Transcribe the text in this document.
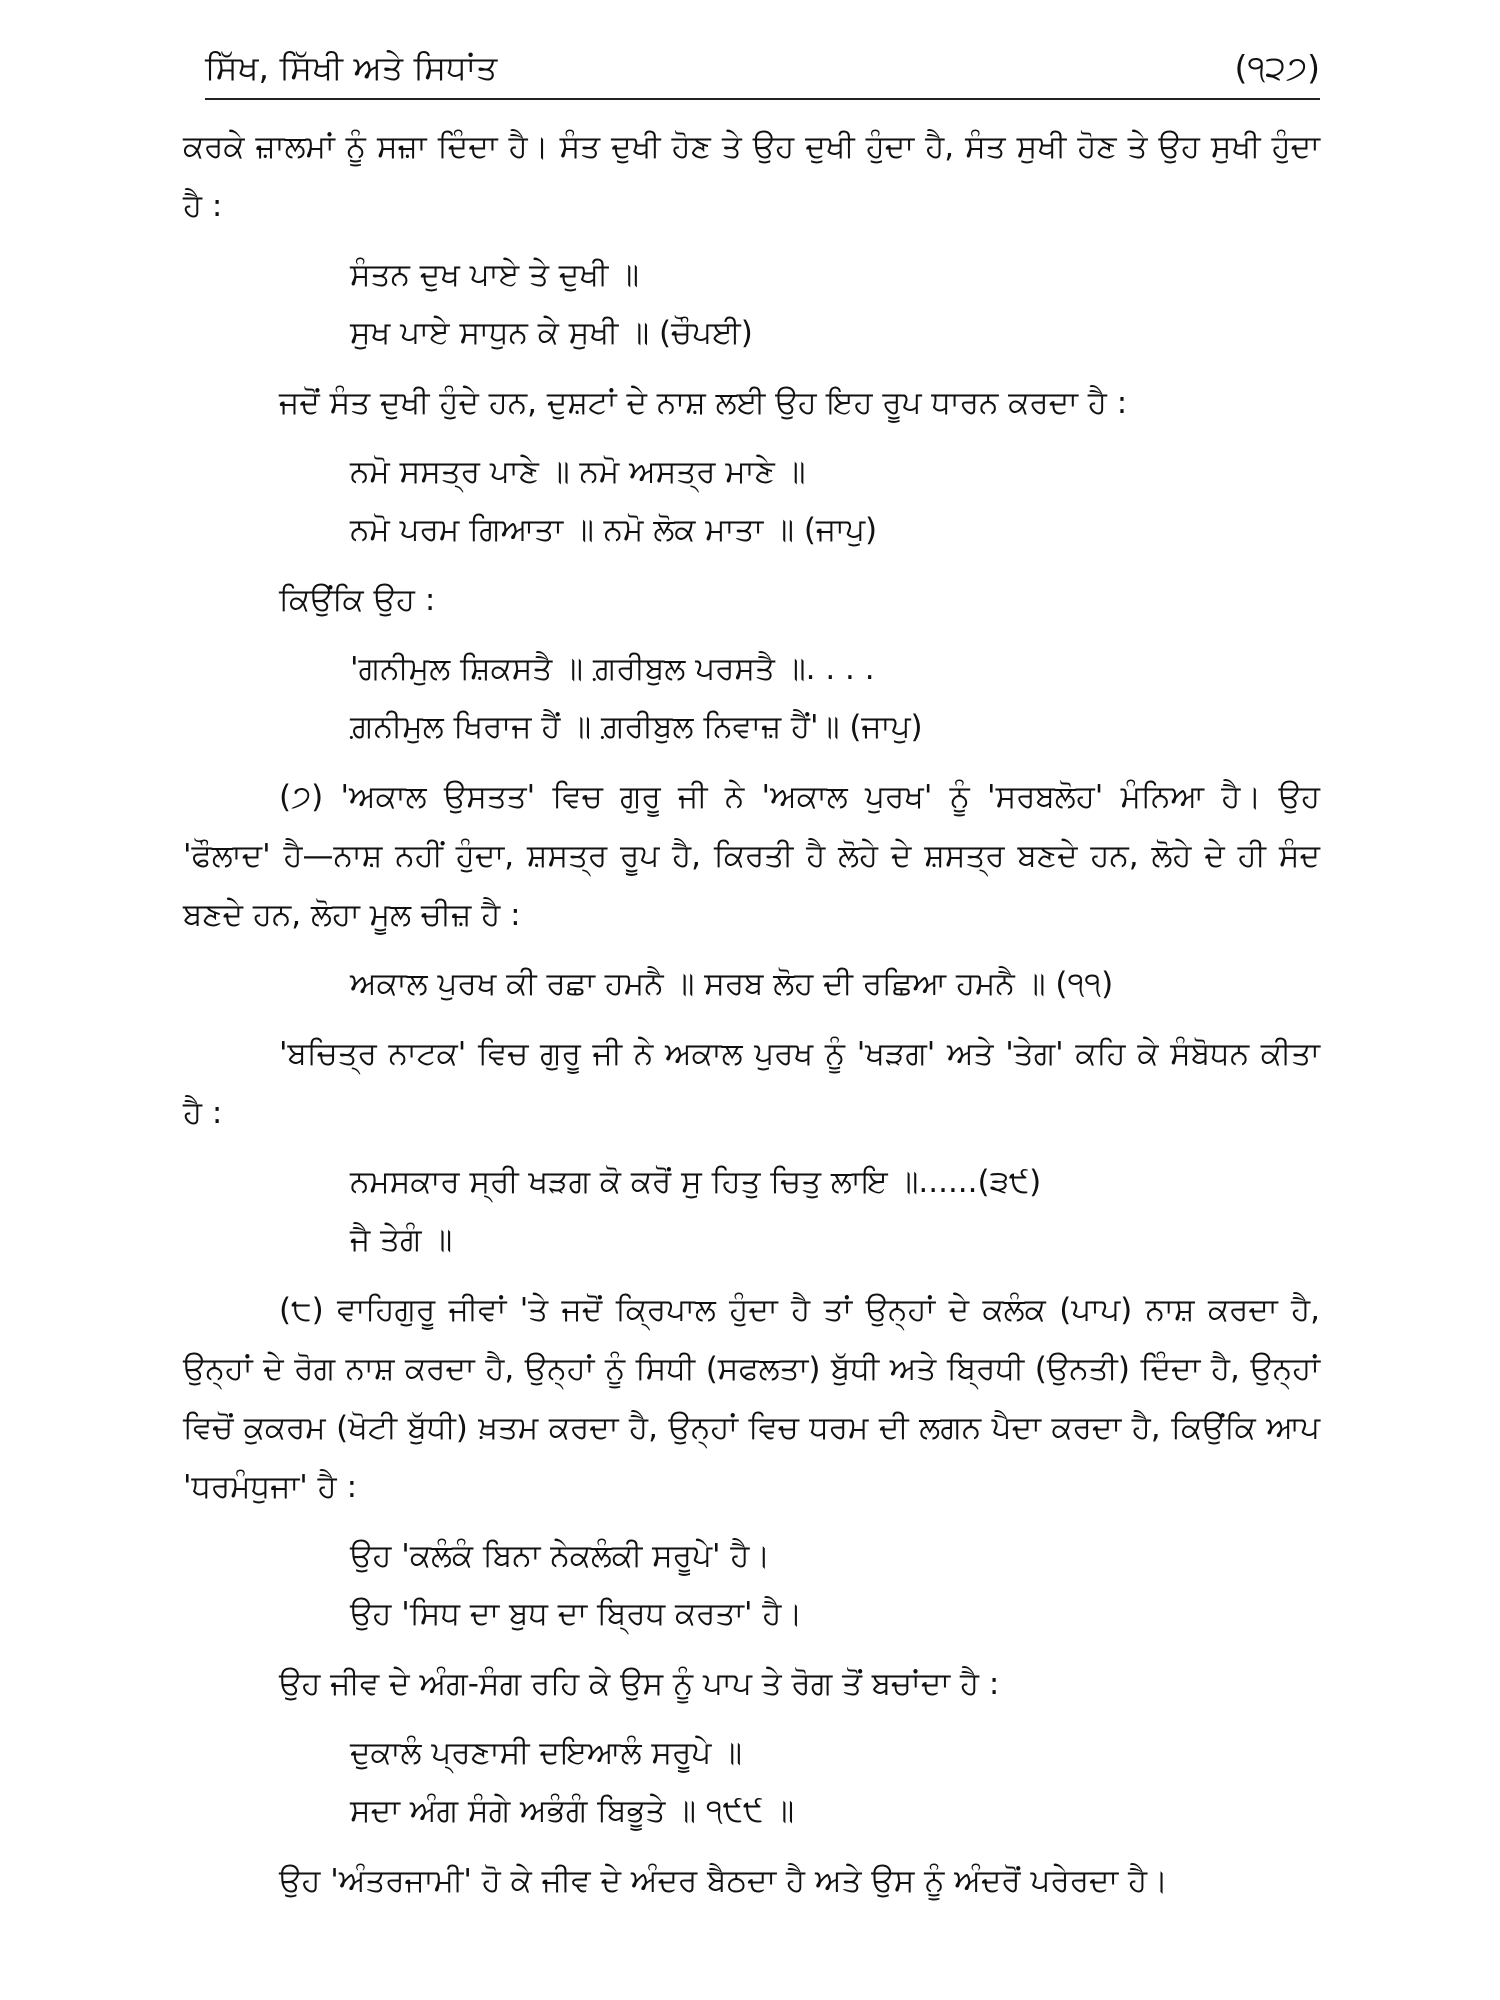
ਸਿੱਖ, ਸਿੱਖੀ ਅਤੇ ਸਿਧਾਂਤ	(੧੨੭)

ਕਰਕੇ ਜ਼ਾਲਮਾਂ ਨੂੰ ਸਜ਼ਾ ਦਿੰਦਾ ਹੈ। ਸੰਤ ਦੁਖੀ ਹੋਣ ਤੇ ਉਹ ਦੁਖੀ ਹੁੰਦਾ ਹੈ, ਸੰਤ ਸੁਖੀ ਹੋਣ ਤੇ ਉਹ ਸੁਖੀ ਹੁੰਦਾ ਹੈ :

ਸੰਤਨ ਦੁਖ ਪਾਏ ਤੇ ਦੁਖੀ ॥
ਸੁਖ ਪਾਏ ਸਾਧੁਨ ਕੇ ਸੁਖੀ ॥ (ਚੌਪਈ)

ਜਦੋਂ ਸੰਤ ਦੁਖੀ ਹੁੰਦੇ ਹਨ, ਦੁਸ਼ਟਾਂ ਦੇ ਨਾਸ਼ ਲਈ ਉਹ ਇਹ ਰੂਪ ਧਾਰਨ ਕਰਦਾ ਹੈ :

ਨਮੋ ਸਸਤ੍ਰ ਪਾਣੇ ॥ ਨਮੋ ਅਸਤ੍ਰ ਮਾਣੇ ॥
ਨਮੋ ਪਰਮ ਗਿਆਤਾ ॥ ਨਮੋ ਲੋਕ ਮਾਤਾ ॥ (ਜਾਪੁ)

ਕਿਉਂਕਿ ਉਹ :

'ਗਨੀਮੁਲ ਸ਼ਿਕਸਤੈ ॥ ਗ਼ਰੀਬੁਲ ਪਰਸਤੈ ॥. . . .
ਗ਼ਨੀਮੁਲ ਖਿਰਾਜ ਹੈਂ ॥ ਗ਼ਰੀਬੁਲ ਨਿਵਾਜ਼ ਹੈਂ'॥ (ਜਾਪੁ)

(੭) 'ਅਕਾਲ ਉਸਤਤ' ਵਿਚ ਗੁਰੂ ਜੀ ਨੇ 'ਅਕਾਲ ਪੁਰਖ' ਨੂੰ 'ਸਰਬਲੋਹ' ਮੰਨਿਆ ਹੈ। ਉਹ 'ਫੌਲਾਦ' ਹੈ—ਨਾਸ਼ ਨਹੀਂ ਹੁੰਦਾ, ਸ਼ਸਤ੍ਰ ਰੂਪ ਹੈ, ਕਿਰਤੀ ਹੈ ਲੋਹੇ ਦੇ ਸ਼ਸਤ੍ਰ ਬਣਦੇ ਹਨ, ਲੋਹੇ ਦੇ ਹੀ ਸੰਦ ਬਣਦੇ ਹਨ, ਲੋਹਾ ਮੂਲ ਚੀਜ਼ ਹੈ :

ਅਕਾਲ ਪੁਰਖ ਕੀ ਰਛਾ ਹਮਨੈ ॥ ਸਰਬ ਲੋਹ ਦੀ ਰਛਿਆ ਹਮਨੈ ॥ (੧੧)

'ਬਚਿਤ੍ਰ ਨਾਟਕ' ਵਿਚ ਗੁਰੂ ਜੀ ਨੇ ਅਕਾਲ ਪੁਰਖ ਨੂੰ 'ਖੜਗ' ਅਤੇ 'ਤੇਗ' ਕਹਿ ਕੇ ਸੰਬੋਧਨ ਕੀਤਾ ਹੈ :

ਨਮਸਕਾਰ ਸ੍ਰੀ ਖੜਗ ਕੋ ਕਰੋਂ ਸੁ ਹਿਤੁ ਚਿਤੁ ਲਾਇ ॥......(੩੯)
ਜੈ ਤੇਗੰ ॥

(੮) ਵਾਹਿਗੁਰੂ ਜੀਵਾਂ 'ਤੇ ਜਦੋਂ ਕ੍ਰਿਪਾਲ ਹੁੰਦਾ ਹੈ ਤਾਂ ਉਨ੍ਹਾਂ ਦੇ ਕਲੰਕ (ਪਾਪ) ਨਾਸ਼ ਕਰਦਾ ਹੈ, ਉਨ੍ਹਾਂ ਦੇ ਰੋਗ ਨਾਸ਼ ਕਰਦਾ ਹੈ, ਉਨ੍ਹਾਂ ਨੂੰ ਸਿਧੀ (ਸਫਲਤਾ) ਬੁੱਧੀ ਅਤੇ ਬ੍ਰਿਧੀ (ਉਨਤੀ) ਦਿੰਦਾ ਹੈ, ਉਨ੍ਹਾਂ ਵਿਚੋਂ ਕੁਕਰਮ (ਖੋਟੀ ਬੁੱਧੀ) ਖ਼ਤਮ ਕਰਦਾ ਹੈ, ਉਨ੍ਹਾਂ ਵਿਚ ਧਰਮ ਦੀ ਲਗਨ ਪੈਦਾ ਕਰਦਾ ਹੈ, ਕਿਉਂਕਿ ਆਪ 'ਧਰਮੰਧੁਜਾ' ਹੈ :

ਉਹ 'ਕਲੰਕੰ ਬਿਨਾ ਨੇਕਲੰਕੀ ਸਰੂਪੇ' ਹੈ।
ਉਹ 'ਸਿਧ ਦਾ ਬੁਧ ਦਾ ਬ੍ਰਿਧ ਕਰਤਾ' ਹੈ।

ਉਹ ਜੀਵ ਦੇ ਅੰਗ-ਸੰਗ ਰਹਿ ਕੇ ਉਸ ਨੂੰ ਪਾਪ ਤੇ ਰੋਗ ਤੋਂ ਬਚਾਂਦਾ ਹੈ :

ਦੁਕਾਲੰ ਪ੍ਰਣਾਸੀ ਦਇਆਲੰ ਸਰੂਪੇ ॥
ਸਦਾ ਅੰਗ ਸੰਗੇ ਅਭੰਗੰ ਬਿਭੂਤੇ ॥ ੧੯੯ ॥

ਉਹ 'ਅੰਤਰਜਾਮੀ' ਹੋ ਕੇ ਜੀਵ ਦੇ ਅੰਦਰ ਬੈਠਦਾ ਹੈ ਅਤੇ ਉਸ ਨੂੰ ਅੰਦਰੋਂ ਪਰੇਰਦਾ ਹੈ।
